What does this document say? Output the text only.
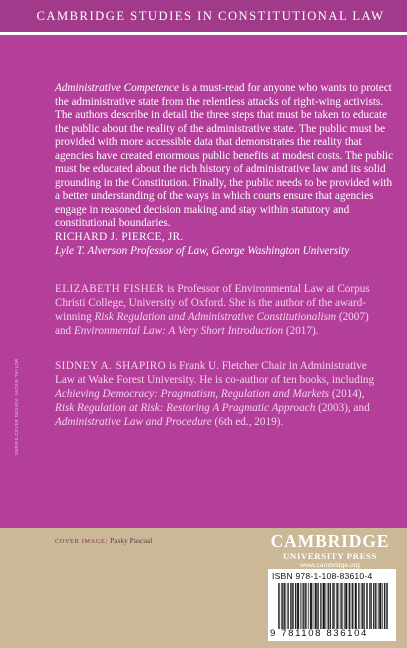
CAMBRIDGE STUDIES IN CONSTITUTIONAL LAW
SERIES COVER DESIGN: JACKIE TAYLOR
Administrative Competence is a must-read for anyone who wants to protect the administrative state from the relentless attacks of right-wing activists. The authors describe in detail the three steps that must be taken to educate the public about the reality of the administrative state. The public must be provided with more accessible data that demonstrates the reality that agencies have created enormous public benefits at modest costs. The public must be educated about the rich history of administrative law and its solid grounding in the Constitution. Finally, the public needs to be provided with a better understanding of the ways in which courts ensure that agencies engage in reasoned decision making and stay within statutory and constitutional boundaries.
RICHARD J. PIERCE, JR.
Lyle T. Alverson Professor of Law, George Washington University
ELIZABETH FISHER is Professor of Environmental Law at Corpus Christi College, University of Oxford. She is the author of the award-winning Risk Regulation and Administrative Constitutionalism (2007) and Environmental Law: A Very Short Introduction (2017).
SIDNEY A. SHAPIRO is Frank U. Fletcher Chair in Administrative Law at Wake Forest University. He is co-author of ten books, including Achieving Democracy: Pragmatism, Regulation and Markets (2014), Risk Regulation at Risk: Restoring A Pragmatic Approach (2003), and Administrative Law and Procedure (6th ed., 2019).
COVER IMAGE: Pasky Pascual	CAMBRIDGE
UNIVERSITY PRESS
www.cambridge.org
ISBN 978-1-108-83610-4
9 781108 836104
